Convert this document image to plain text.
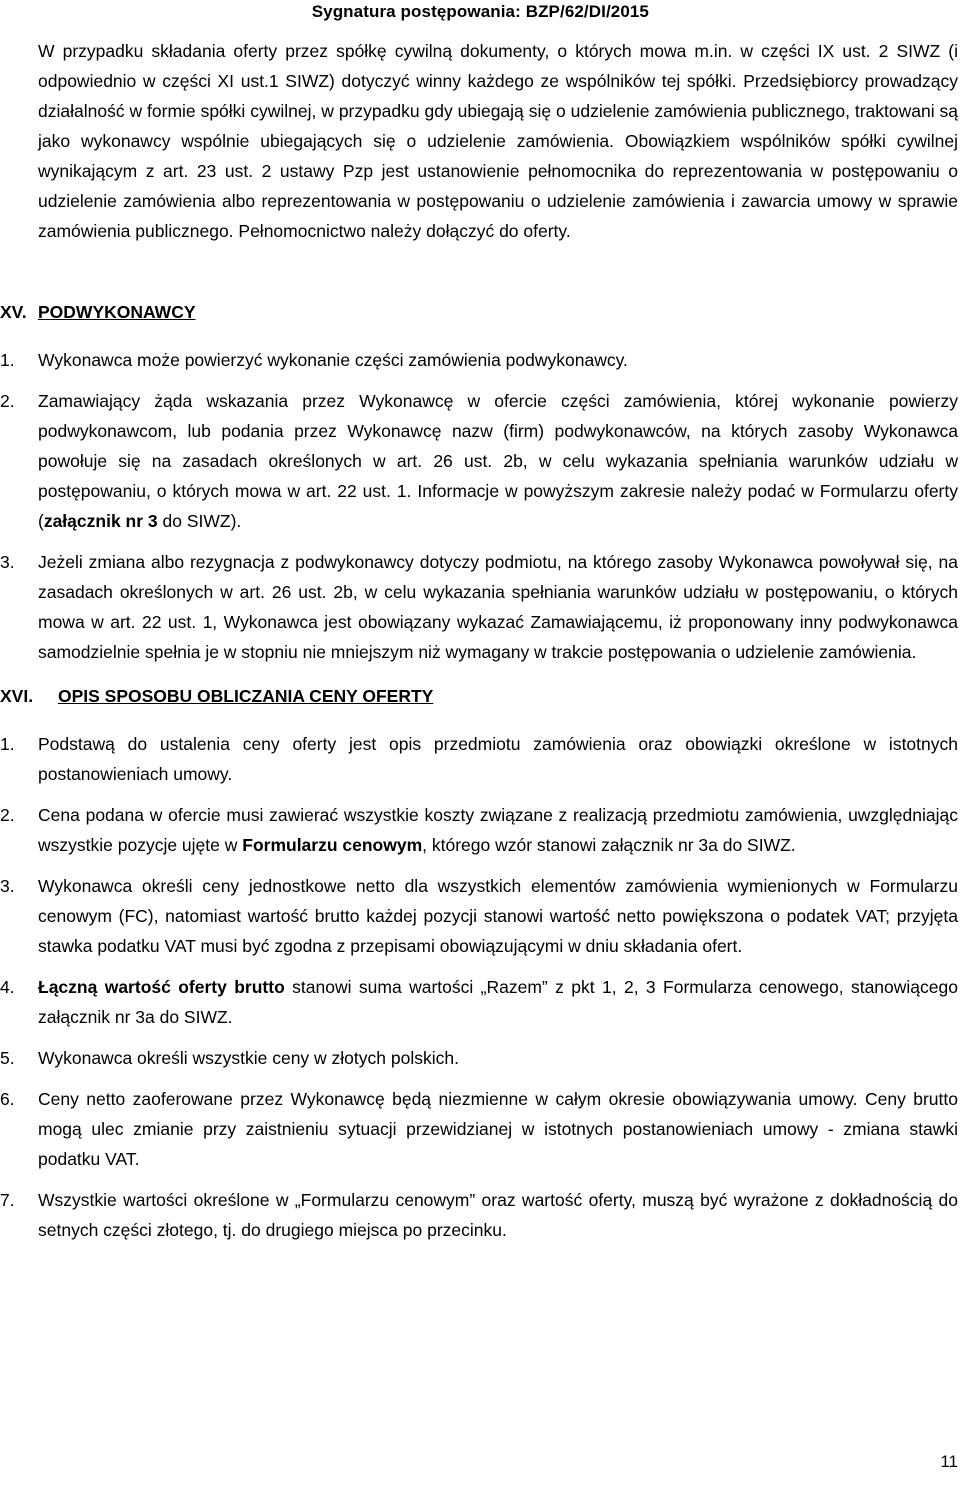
Sygnatura postępowania: BZP/62/DI/2015

W przypadku składania oferty przez spółkę cywilną dokumenty, o których mowa m.in. w części IX ust. 2 SIWZ (i odpowiednio w części XI ust.1 SIWZ) dotyczyć winny każdego ze wspólników tej spółki. Przedsiębiorcy prowadzący działalność w formie spółki cywilnej, w przypadku gdy ubiegają się o udzielenie zamówienia publicznego, traktowani są jako wykonawcy wspólnie ubiegających się o udzielenie zamówienia. Obowiązkiem wspólników spółki cywilnej wynikającym z art. 23 ust. 2 ustawy Pzp jest ustanowienie pełnomocnika do reprezentowania w postępowaniu o udzielenie zamówienia albo reprezentowania w postępowaniu o udzielenie zamówienia i zawarcia umowy w sprawie zamówienia publicznego. Pełnomocnictwo należy dołączyć do oferty.

XV. PODWYKONAWCY
1. Wykonawca może powierzyć wykonanie części zamówienia podwykonawcy.

2. Zamawiający żąda wskazania przez Wykonawcę w ofercie części zamówienia, której wykonanie powierzy podwykonawcom, lub podania przez Wykonawcę nazw (firm) podwykonawców, na których zasoby Wykonawca powołuje się na zasadach określonych w art. 26 ust. 2b, w celu wykazania spełniania warunków udziału w postępowaniu, o których mowa w art. 22 ust. 1. Informacje w powyższym zakresie należy podać w Formularzu oferty (załącznik nr 3 do SIWZ).

3. Jeżeli zmiana albo rezygnacja z podwykonawcy dotyczy podmiotu, na którego zasoby Wykonawca powoływał się, na zasadach określonych w art. 26 ust. 2b, w celu wykazania spełniania warunków udziału w postępowaniu, o których mowa w art. 22 ust. 1, Wykonawca jest obowiązany wykazać Zamawiającemu, iż proponowany inny podwykonawca samodzielnie spełnia je w stopniu nie mniejszym niż wymagany w trakcie postępowania o udzielenie zamówienia.

XVI.	OPIS SPOSOBU OBLICZANIA CENY OFERTY
1. Podstawą do ustalenia ceny oferty jest opis przedmiotu zamówienia oraz obowiązki określone w istotnych postanowieniach umowy.

2. Cena podana w ofercie musi zawierać wszystkie koszty związane z realizacją przedmiotu zamówienia, uwzględniając wszystkie pozycje ujęte w Formularzu cenowym, którego wzór stanowi załącznik nr 3a do SIWZ.

3. Wykonawca określi ceny jednostkowe netto dla wszystkich elementów zamówienia wymienionych w Formularzu cenowym (FC), natomiast wartość brutto każdej pozycji stanowi wartość netto powiększona o podatek VAT; przyjęta stawka podatku VAT musi być zgodna z przepisami obowiązującymi w dniu składania ofert.

4. Łączną wartość oferty brutto stanowi suma wartości „Razem” z pkt 1, 2, 3 Formularza cenowego, stanowiącego załącznik nr 3a do SIWZ.

5. Wykonawca określi wszystkie ceny w złotych polskich.

6. Ceny netto zaoferowane przez Wykonawcę będą niezmienne w całym okresie obowiązywania umowy. Ceny brutto mogą ulec zmianie przy zaistnieniu sytuacji przewidzianej w istotnych postanowieniach umowy - zmiana stawki podatku VAT.

7. Wszystkie wartości określone w „Formularzu cenowym” oraz wartość oferty, muszą być wyrażone z dokładnością do setnych części złotego, tj. do drugiego miejsca po przecinku.

11
